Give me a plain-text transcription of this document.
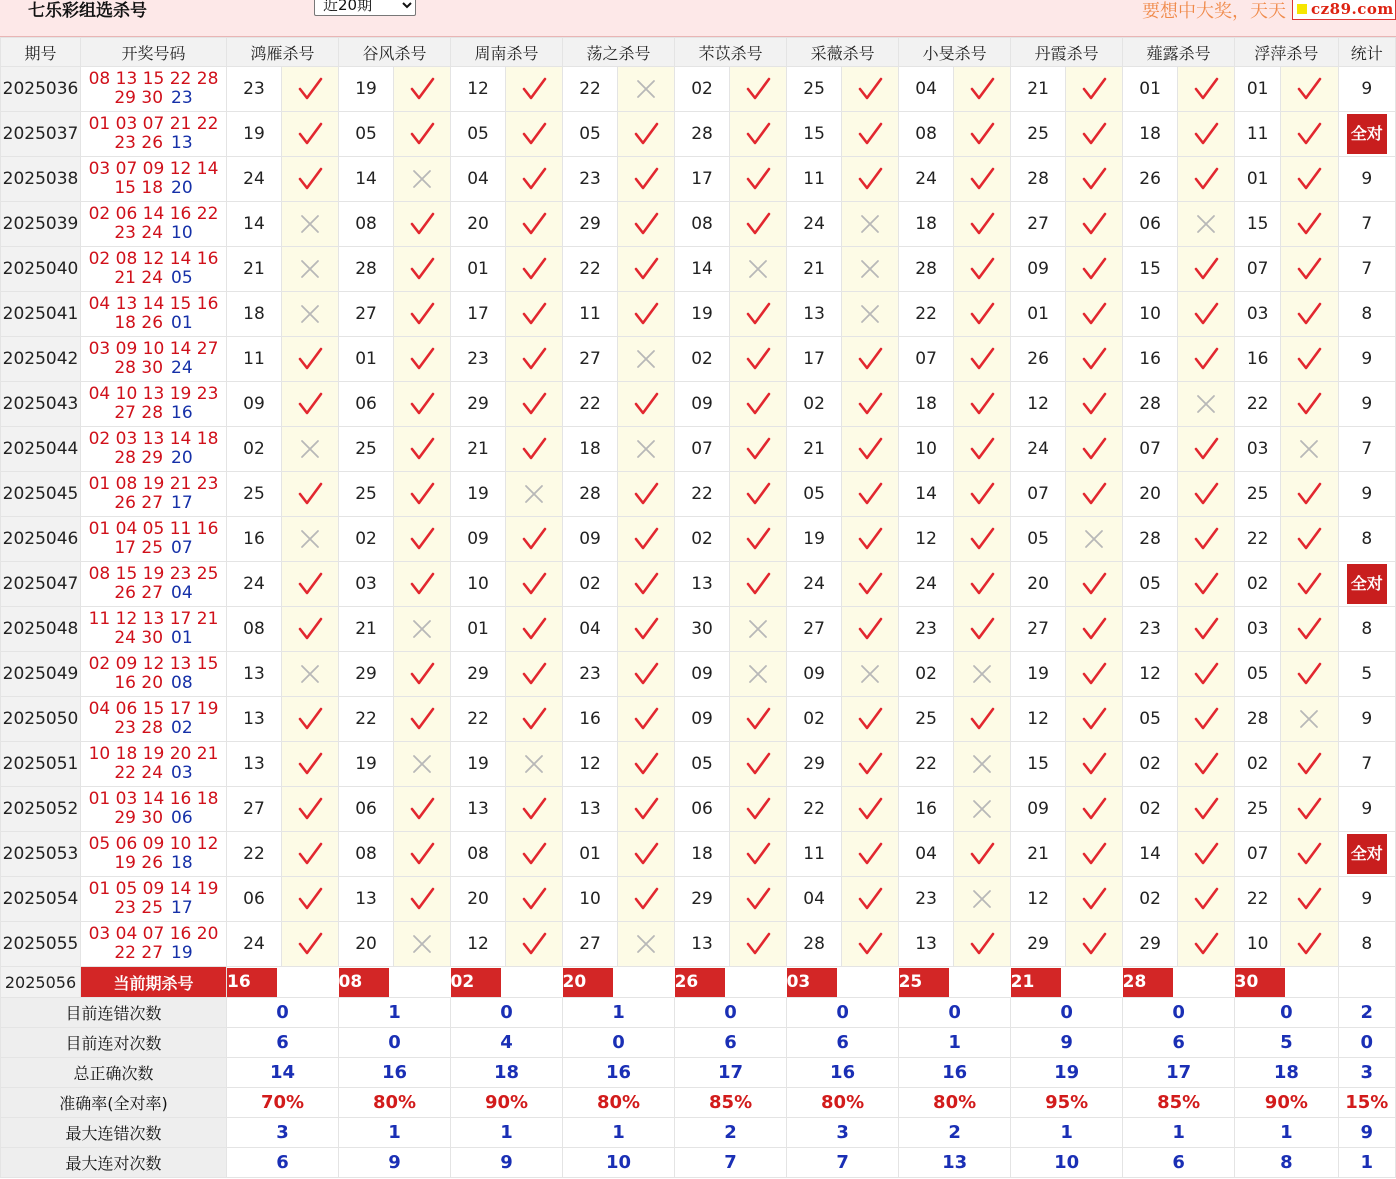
七乐彩组选杀号
近20期	要想中大奖，天天 cz89.com
期号	开奖号码	鸿雁杀号		谷风杀号		周南杀号		荡之杀号		芣苡杀号		采薇杀号		小旻杀号		丹霞杀号		薤露杀号		浮萍杀号		统计
2025036	08 13 15 22 28
29 30 23	23		19		12		22		02		25		04		21		01		01		9
2025037	01 03 07 21 22
23 26 13	19		05		05		05		28		15		08		25		18		11		全对
2025038	03 07 09 12 14
15 18 20	24		14		04		23		17		11		24		28		26		01		9
2025039	02 06 14 16 22
23 24 10	14		08		20		29		08		24		18		27		06		15		7
2025040	02 08 12 14 16
21 24 05	21		28		01		22		14		21		28		09		15		07		7
2025041	04 13 14 15 16
18 26 01	18		27		17		11		19		13		22		01		10		03		8
2025042	03 09 10 14 27
28 30 24	11		01		23		27		02		17		07		26		16		16		9
2025043	04 10 13 19 23
27 28 16	09		06		29		22		09		02		18		12		28		22		9
2025044	02 03 13 14 18
28 29 20	02		25		21		18		07		21		10		24		07		03		7
2025045	01 08 19 21 23
26 27 17	25		25		19		28		22		05		14		07		20		25		9
2025046	01 04 05 11 16
17 25 07	16		02		09		09		02		19		12		05		28		22		8
2025047	08 15 19 23 25
26 27 04	24		03		10		02		13		24		24		20		05		02		全对
2025048	11 12 13 17 21
24 30 01	08		21		01		04		30		27		23		27		23		03		8
2025049	02 09 12 13 15
16 20 08	13		29		29		23		09		09		02		19		12		05		5
2025050	04 06 15 17 19
23 28 02	13		22		22		16		09		02		25		12		05		28		9
2025051	10 18 19 20 21
22 24 03	13		19		19		12		05		29		22		15		02		02		7
2025052	01 03 14 16 18
29 30 06	27		06		13		13		06		22		16		09		02		25		9
2025053	05 06 09 10 12
19 26 18	22		08		08		01		18		11		04		21		14		07		全对
2025054	01 05 09 14 19
23 25 17	06		13		20		10		29		04		23		12		02		22		9
2025055	03 04 07 16 20
22 27 19	24		20		12		27		13		28		13		29		29		10		8
2025056	当前期杀号	16		08		02		20		26		03		25		21		28		30		
目前连错次数		0		1		0		1		0		0		0		0		0		0		2
目前连对次数		6		0		4		0		6		6		1		9		6		5		0
总正确次数		14		16		18		16		17		16		16		19		17		18		3
准确率(全对率)		70%		80%		90%		80%		85%		80%		80%		95%		85%		90%		15%
最大连错次数		3		1		1		1		2		3		2		1		1		1		9
最大连对次数		6		9		9		10		7		7		13		10		6		8		1
